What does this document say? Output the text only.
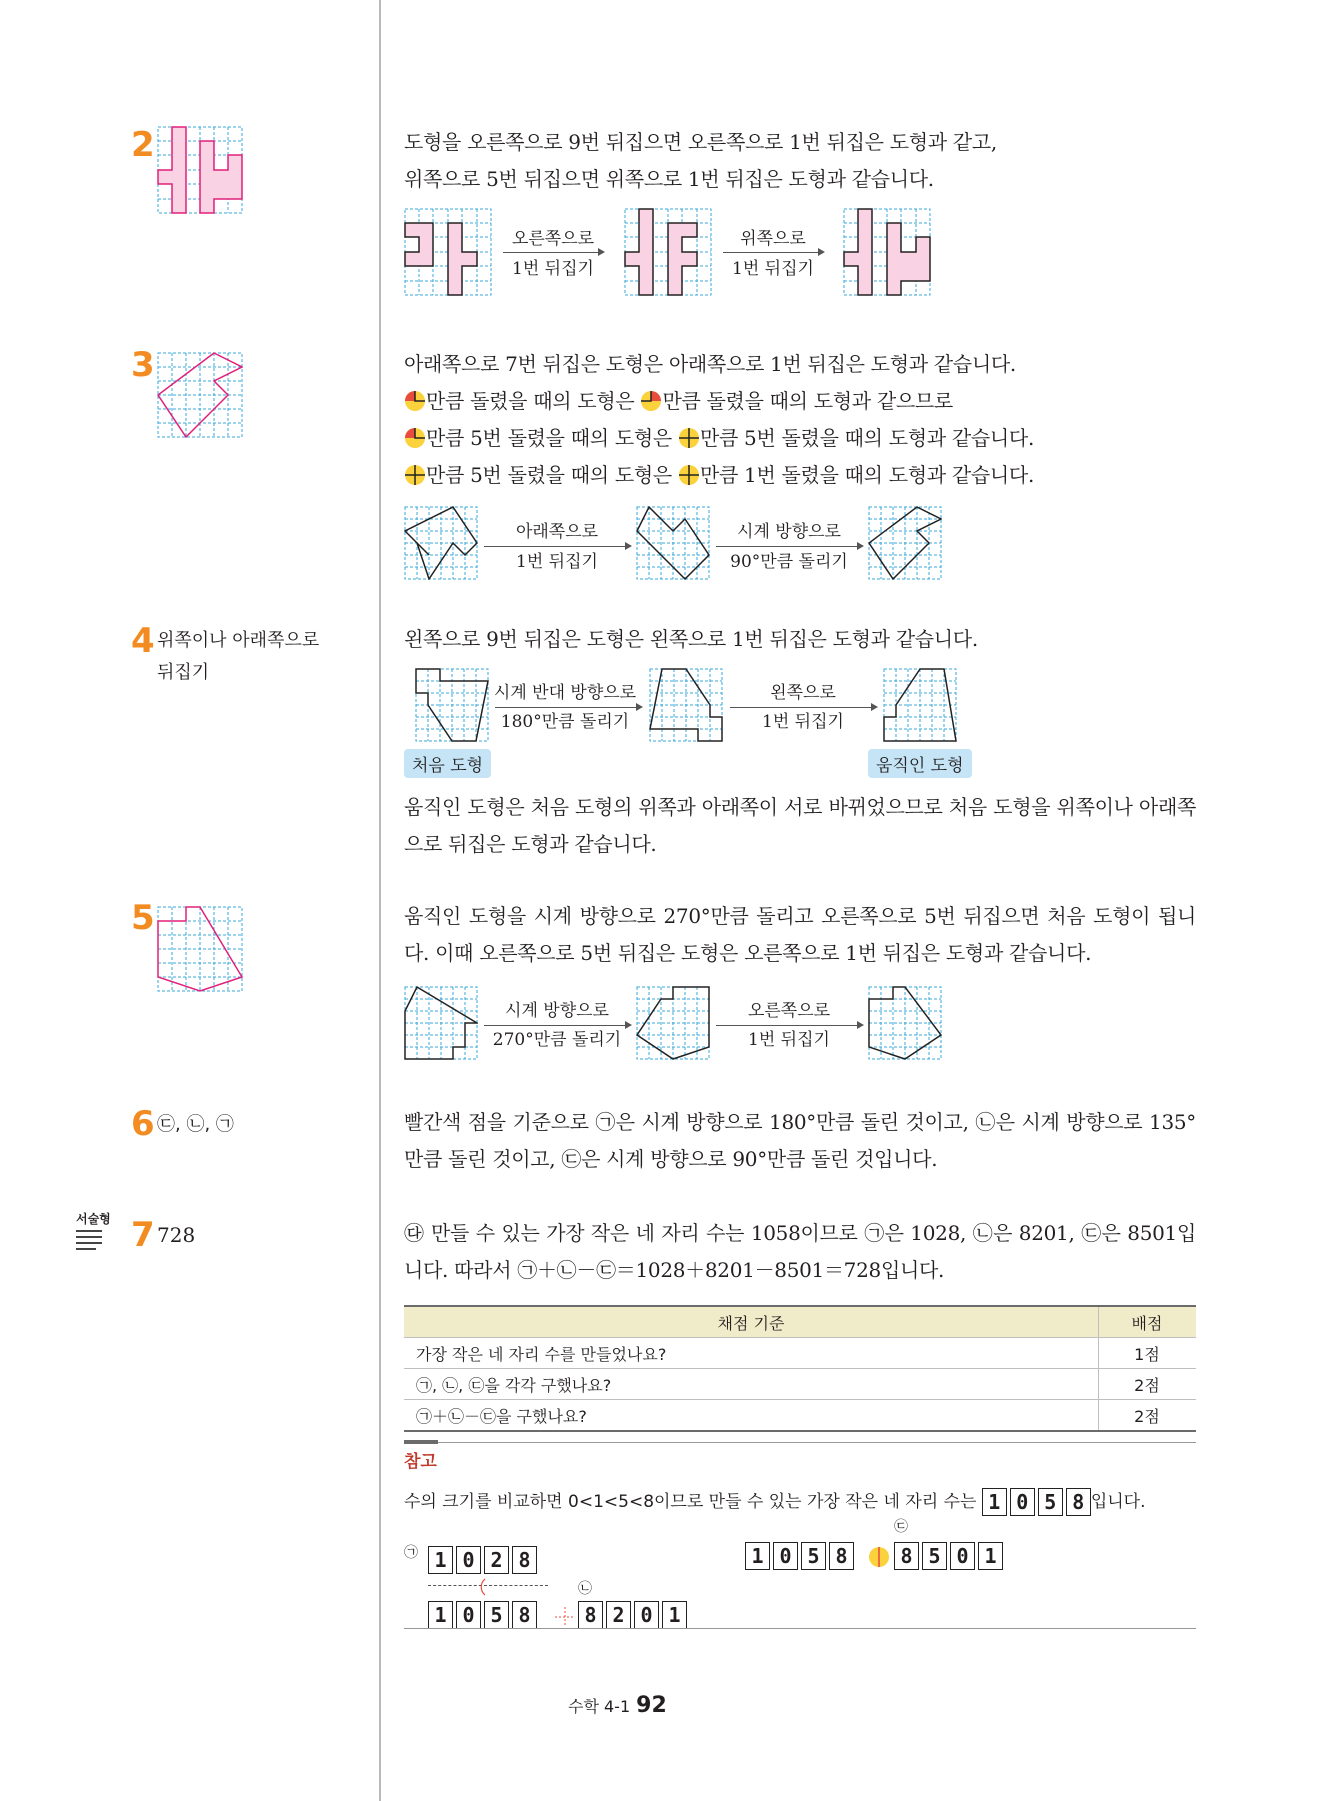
2	도형을 오른쪽으로 9번 뒤집으면 오른쪽으로 1번 뒤집은 도형과 같고,

위쪽으로 5번 뒤집으면 위쪽으로 1번 뒤집은 도형과 같습니다.

오른쪽으로
1번 뒤집기
위쪽으로
1번 뒤집기
3	아래쪽으로 7번 뒤집은 도형은 아래쪽으로 1번 뒤집은 도형과 같습니다.

만큼 돌렸을 때의 도형은 만큼 돌렸을 때의 도형과 같으므로

만큼 5번 돌렸을 때의 도형은 만큼 5번 돌렸을 때의 도형과 같습니다.

만큼 5번 돌렸을 때의 도형은 만큼 1번 돌렸을 때의 도형과 같습니다.

아래쪽으로
1번 뒤집기
시계 방향으로
90°만큼 돌리기
4 위쪽이나 아래쪽으로
뒤집기

왼쪽으로 9번 뒤집은 도형은 왼쪽으로 1번 뒤집은 도형과 같습니다.

시계 반대 방향으로
180°만큼 돌리기
왼쪽으로
1번 뒤집기
처음 도형	움직인 도형

움직인 도형은 처음 도형의 위쪽과 아래쪽이 서로 바뀌었으므로 처음 도형을 위쪽이나 아래쪽으로 뒤집은 도형과 같습니다.

5	움직인 도형을 시계 방향으로 270°만큼 돌리고 오른쪽으로 5번 뒤집으면 처음 도형이 됩니다. 이때 오른쪽으로 5번 뒤집은 도형은 오른쪽으로 1번 뒤집은 도형과 같습니다.

시계 방향으로
270°만큼 돌리기
오른쪽으로
1번 뒤집기
6 ㉢, ㉡, ㉠	빨간색 점을 기준으로 ㉠은 시계 방향으로 180°만큼 돌린 것이고, ㉡은 시계 방향으로 135°만큼 돌린 것이고, ㉢은 시계 방향으로 90°만큼 돌린 것입니다.

서술형 7 728	㉰ 만들 수 있는 가장 작은 네 자리 수는 1058이므로 ㉠은 1028, ㉡은 8201, ㉢은 8501입니다. 따라서 ㉠＋㉡－㉢＝1028＋8201－8501＝728입니다.

채점 기준	배점
가장 작은 네 자리 수를 만들었나요?	1점
㉠, ㉡, ㉢을 각각 구했나요?	2점
㉠＋㉡－㉢을 구했나요?	2점
참고
수의 크기를 비교하면 0<1<5<8이므로 만들 수 있는 가장 작은 네 자리 수는 1 0 5 8 입니다.
㉠ 1 0 2 8
㉡
1 0 5 8	8 2 0 1
㉢
1 0 5 8	8 5 0 1
수학 4-1 92
